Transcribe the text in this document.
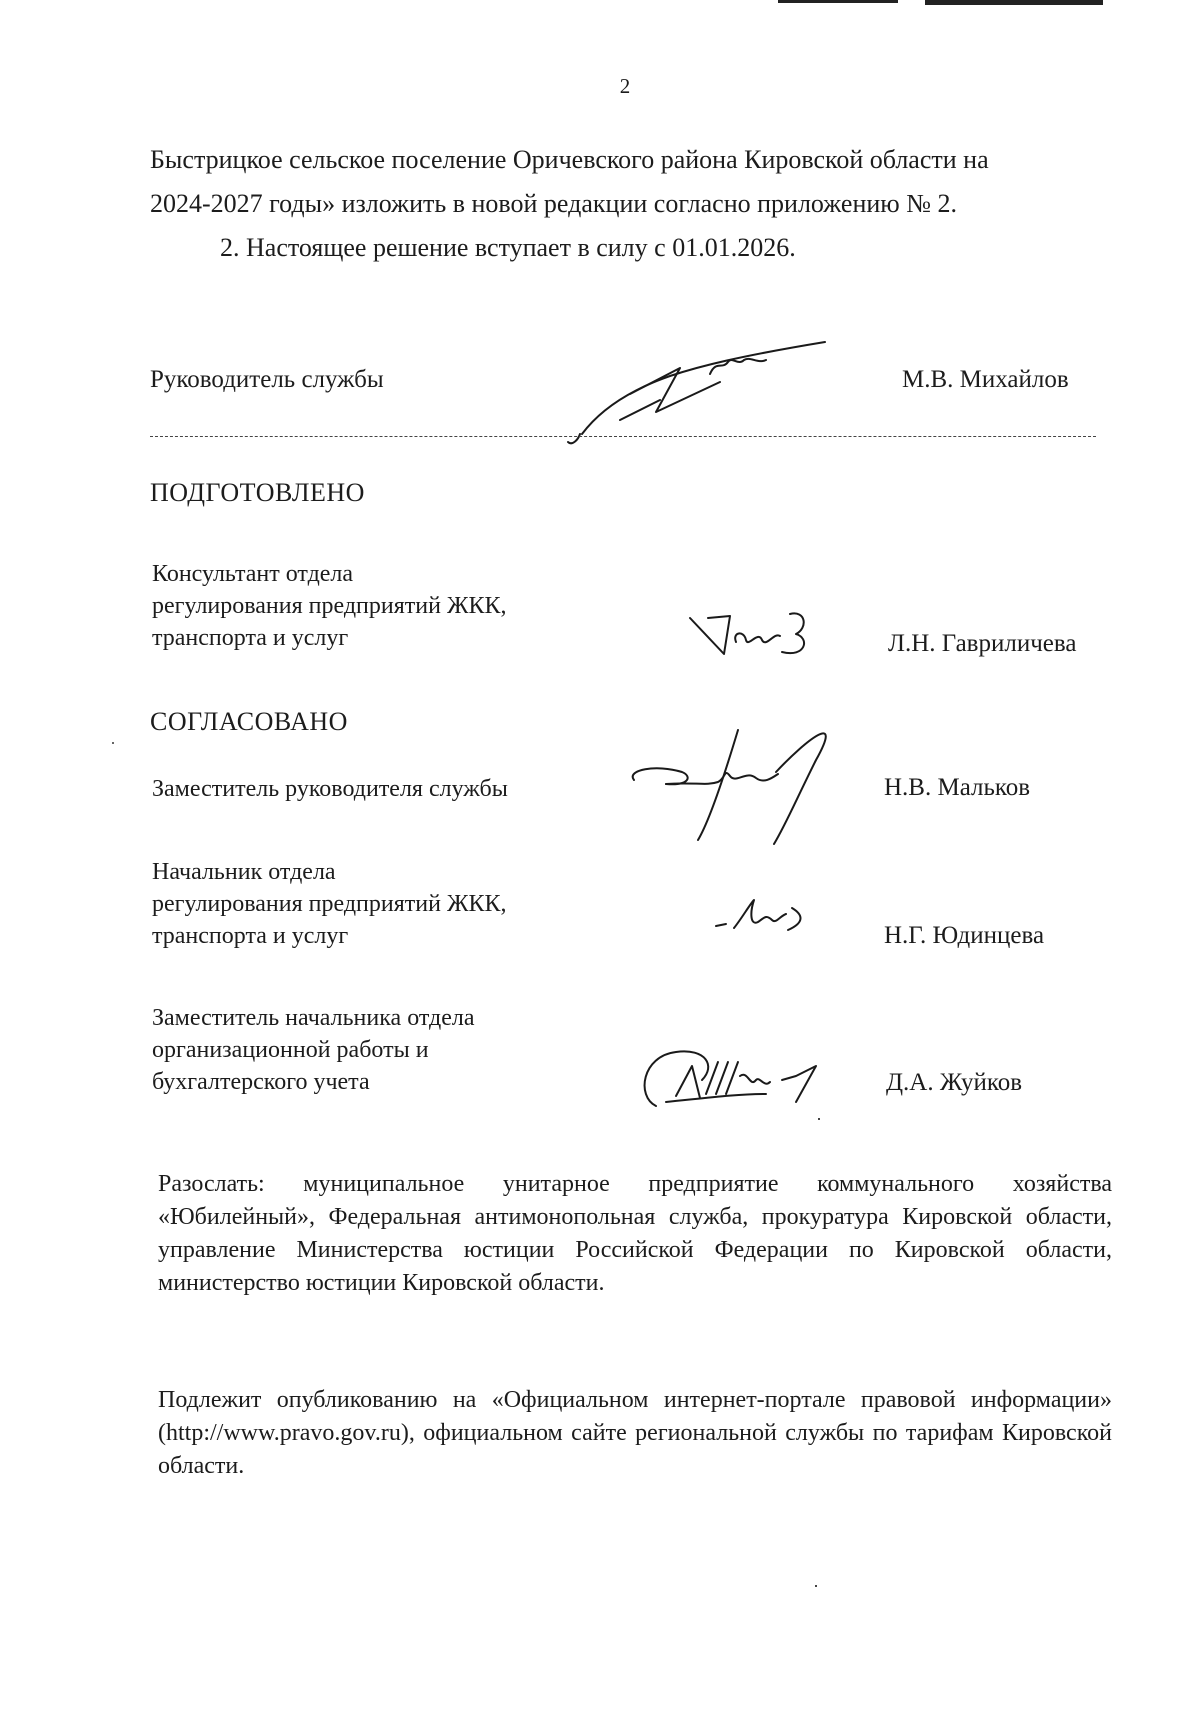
2
Быстрицкое сельское поселение Оричевского района Кировской области на
2024-2027 годы» изложить в новой редакции согласно приложению № 2.
2. Настоящее решение вступает в силу с 01.01.2026.
Руководитель службы	М.В. Михайлов
ПОДГОТОВЛЕНО
Консультант отдела
регулирования предприятий ЖКК,
транспорта и услуг	Л.Н. Гавриличева
СОГЛАСОВАНО
Заместитель руководителя службы	Н.В. Мальков
Начальник отдела
регулирования предприятий ЖКК,
транспорта и услуг	Н.Г. Юдинцева
Заместитель начальника отдела
организационной работы и
бухгалтерского учета	Д.А. Жуйков
Разослать: муниципальное унитарное предприятие коммунального хозяйства «Юбилейный», Федеральная антимонопольная служба, прокуратура Кировской области, управление Министерства юстиции Российской Федерации по Кировской области, министерство юстиции Кировской области.
Подлежит опубликованию на «Официальном интернет-портале правовой информации» (http://www.pravo.gov.ru), официальном сайте региональной службы по тарифам Кировской области.
